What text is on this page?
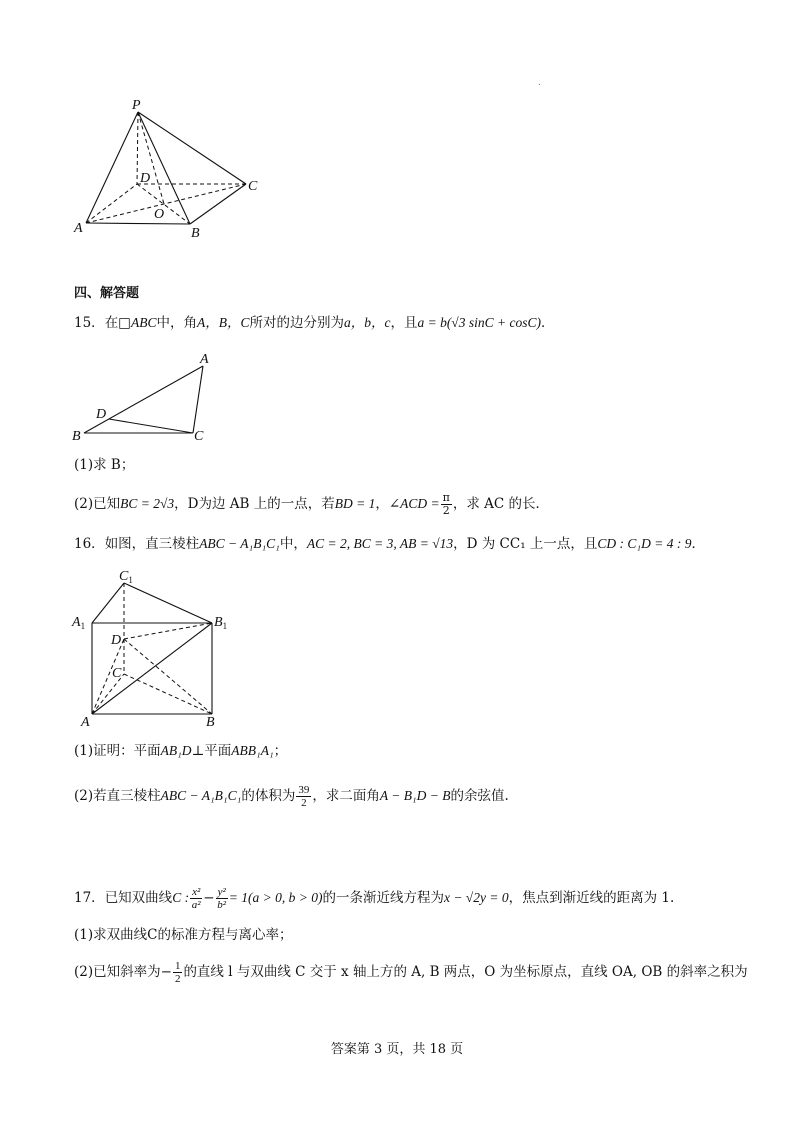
.
P
D
C
O
A	B
四、解答题
15．在□ABC中，角A，B，C所对的边分别为a，b，c，且a = b(√3 sinC + cosC)．
A
D
B	C
(1)求 B；
(2)已知BC = 2√3，D为边 AB 上的一点，若BD = 1，∠ACD = $\frac{\pi}{2}$ ，求 AC 的长．
16．如图，直三棱柱ABC − A₁B₁C₁中，AC = 2, BC = 3, AB = √13，D 为 CC₁ 上一点，且CD : C₁D = 4 : 9．
$C_1$
$A_1$	$B_1$
D
C
A	B
(1)证明：平面AB₁D⊥平面ABB₁A₁；
(2)若直三棱柱ABC − A₁B₁C₁的体积为 $\frac{39}{2}$ ，求二面角A − B₁D − B的余弦值.
17．已知双曲线C : $\frac{\text{x²}}{\text{a²}} - \frac{\text{y²}}{\text{b²}} = 1(a > 0$, b > 0)的一条渐近线方程为x − √2y = 0，焦点到渐近线的距离为 1.
(1)求双曲线C的标准方程与离心率；
(2)已知斜率为− $\frac{1}{2}$ 的直线 l 与双曲线 C 交于 x 轴上方的 A, B 两点，O 为坐标原点，直线 OA, OB 的斜率之积为
答案第 3 页，共 18 页
